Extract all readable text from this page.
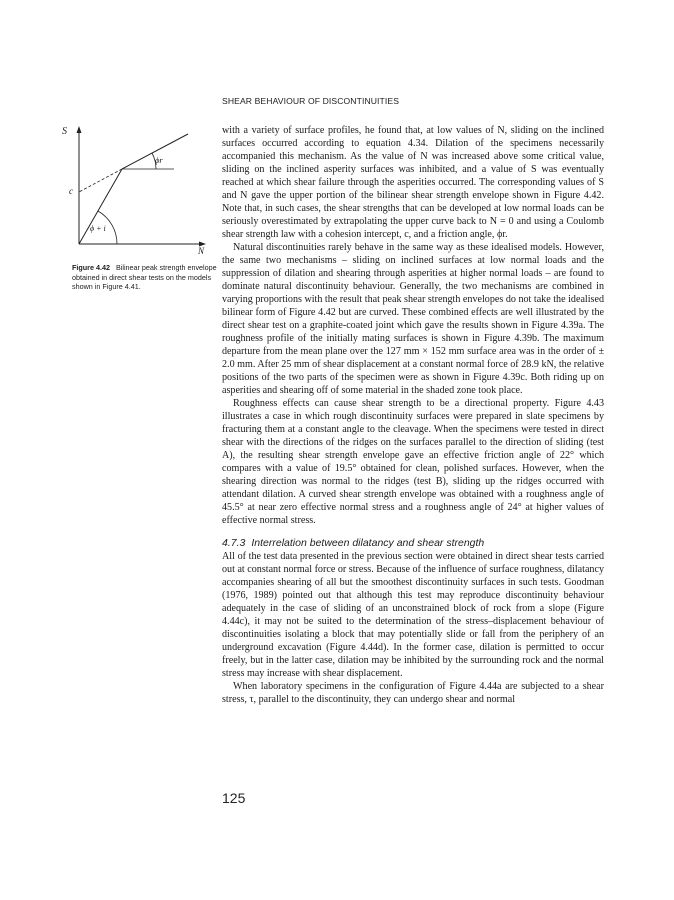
SHEAR BEHAVIOUR OF DISCONTINUITIES
S
N
c
ϕr
ϕ + i
Figure 4.42 Bilinear peak strength envelope obtained in direct shear tests on the models shown in Figure 4.41.

with a variety of surface profiles, he found that, at low values of N, sliding on the inclined surfaces occurred according to equation 4.34. Dilation of the specimens necessarily accompanied this mechanism. As the value of N was increased above some critical value, sliding on the inclined asperity surfaces was inhibited, and a value of S was eventually reached at which shear failure through the asperities occurred. The corresponding values of S and N gave the upper portion of the bilinear shear strength envelope shown in Figure 4.42. Note that, in such cases, the shear strengths that can be developed at low normal loads can be seriously overestimated by extrapolating the upper curve back to N = 0 and using a Coulomb shear strength law with a cohesion intercept, c, and a friction angle, ϕr.

Natural discontinuities rarely behave in the same way as these idealised models. However, the same two mechanisms – sliding on inclined surfaces at low normal loads and the suppression of dilation and shearing through asperities at higher normal loads – are found to dominate natural discontinuity behaviour. Generally, the two mechanisms are combined in varying proportions with the result that peak shear strength envelopes do not take the idealised bilinear form of Figure 4.42 but are curved. These combined effects are well illustrated by the direct shear test on a graphite-coated joint which gave the results shown in Figure 4.39a. The roughness profile of the initially mating surfaces is shown in Figure 4.39b. The maximum departure from the mean plane over the 127 mm × 152 mm surface area was in the order of ± 2.0 mm. After 25 mm of shear displacement at a constant normal force of 28.9 kN, the relative positions of the two parts of the specimen were as shown in Figure 4.39c. Both riding up on asperities and shearing off of some material in the shaded zone took place.

Roughness effects can cause shear strength to be a directional property. Figure 4.43 illustrates a case in which rough discontinuity surfaces were prepared in slate specimens by fracturing them at a constant angle to the cleavage. When the specimens were tested in direct shear with the directions of the ridges on the surfaces parallel to the direction of sliding (test A), the resulting shear strength envelope gave an effective friction angle of 22° which compares with a value of 19.5° obtained for clean, polished surfaces. However, when the shearing direction was normal to the ridges (test B), sliding up the ridges occurred with attendant dilation. A curved shear strength envelope was obtained with a roughness angle of 45.5° at near zero effective normal stress and a roughness angle of 24° at higher values of effective normal stress.

4.7.3 Interrelation between dilatancy and shear strength

All of the test data presented in the previous section were obtained in direct shear tests carried out at constant normal force or stress. Because of the influence of surface roughness, dilatancy accompanies shearing of all but the smoothest discontinuity surfaces in such tests. Goodman (1976, 1989) pointed out that although this test may reproduce discontinuity behaviour adequately in the case of sliding of an unconstrained block of rock from a slope (Figure 4.44c), it may not be suited to the determination of the stress–displacement behaviour of discontinuities isolating a block that may potentially slide or fall from the periphery of an underground excavation (Figure 4.44d). In the former case, dilation is permitted to occur freely, but in the latter case, dilation may be inhibited by the surrounding rock and the normal stress may increase with shear displacement.

When laboratory specimens in the configuration of Figure 4.44a are subjected to a shear stress, τ, parallel to the discontinuity, they can undergo shear and normal

125
